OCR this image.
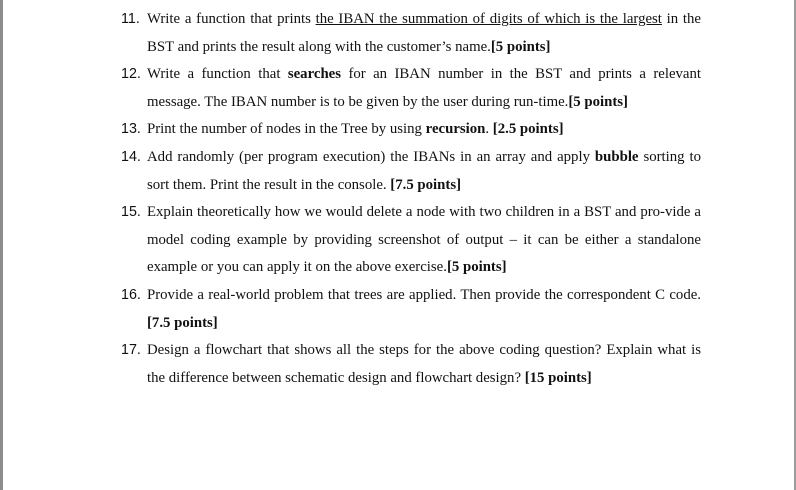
11. Write a function that prints the IBAN the summation of digits of which is the largest in the BST and prints the result along with the customer’s name.[5 points]
12. Write a function that searches for an IBAN number in the BST and prints a relevant message. The IBAN number is to be given by the user during run-time.[5 points]
13. Print the number of nodes in the Tree by using recursion. [2.5 points]
14. Add randomly (per program execution) the IBANs in an array and apply bubble sorting to sort them. Print the result in the console. [7.5 points]
15. Explain theoretically how we would delete a node with two children in a BST and pro-vide a model coding example by providing screenshot of output – it can be either a standalone example or you can apply it on the above exercise.[5 points]
16. Provide a real-world problem that trees are applied. Then provide the correspondent C code.[7.5 points]
17. Design a flowchart that shows all the steps for the above coding question? Explain what is the difference between schematic design and flowchart design? [15 points]
